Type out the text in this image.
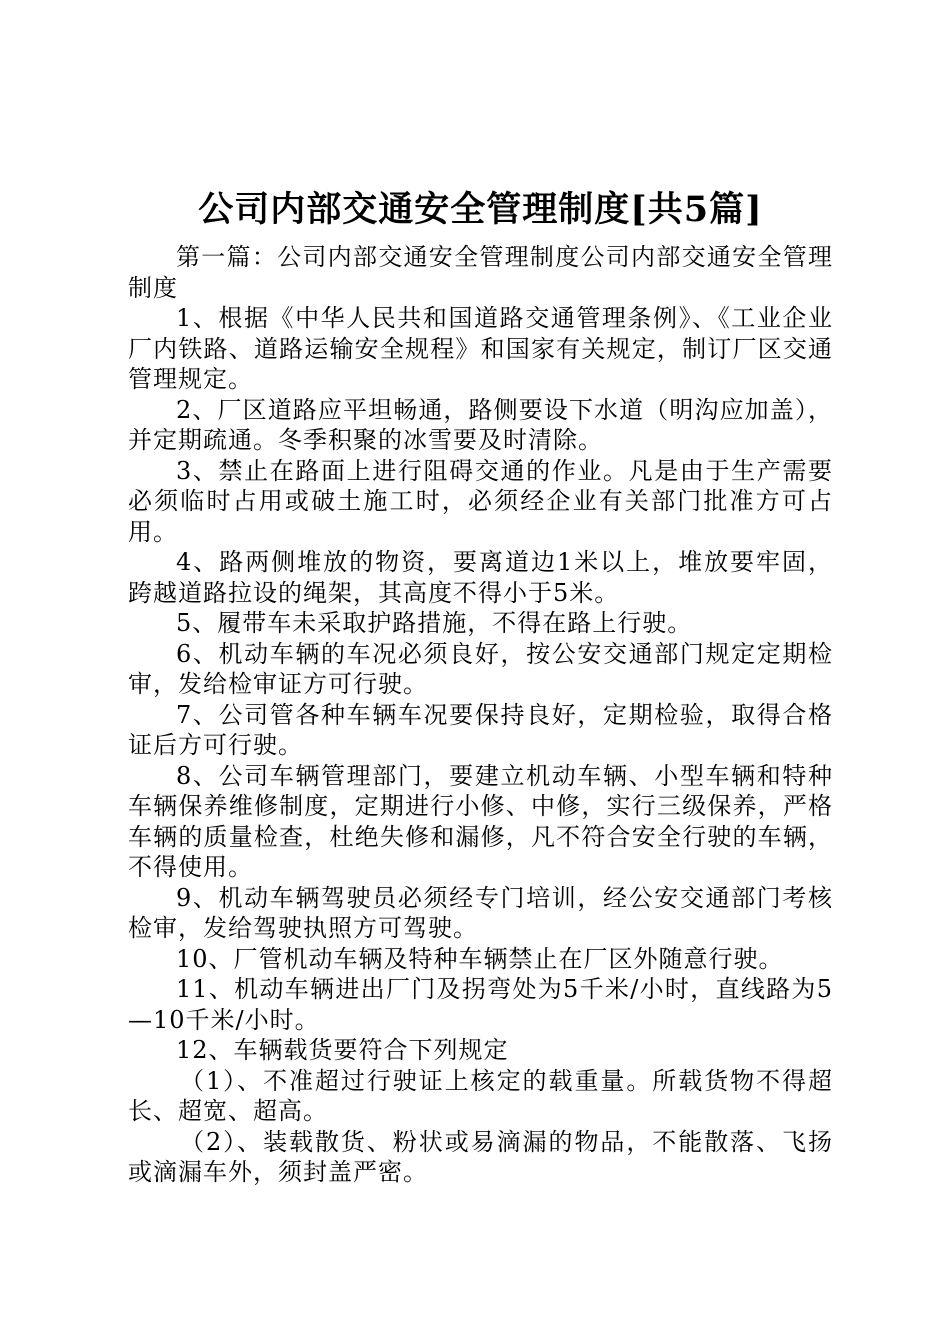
公司内部交通安全管理制度[共5篇]

第一篇：公司内部交通安全管理制度公司内部交通安全管理制度

1、根据《中华人民共和国道路交通管理条例》、《工业企业厂内铁路、道路运输安全规程》和国家有关规定，制订厂区交通管理规定。

2、厂区道路应平坦畅通，路侧要设下水道（明沟应加盖），并定期疏通。冬季积聚的冰雪要及时清除。

3、禁止在路面上进行阻碍交通的作业。凡是由于生产需要必须临时占用或破土施工时，必须经企业有关部门批准方可占用。

4、路两侧堆放的物资，要离道边1米以上，堆放要牢固，跨越道路拉设的绳架，其高度不得小于5米。

5、履带车未采取护路措施，不得在路上行驶。

6、机动车辆的车况必须良好，按公安交通部门规定定期检审，发给检审证方可行驶。

7、公司管各种车辆车况要保持良好，定期检验，取得合格证后方可行驶。

8、公司车辆管理部门，要建立机动车辆、小型车辆和特种车辆保养维修制度，定期进行小修、中修，实行三级保养，严格车辆的质量检查，杜绝失修和漏修，凡不符合安全行驶的车辆，不得使用。

9、机动车辆驾驶员必须经专门培训，经公安交通部门考核检审，发给驾驶执照方可驾驶。

10、厂管机动车辆及特种车辆禁止在厂区外随意行驶。

11、机动车辆进出厂门及拐弯处为5千米/小时，直线路为5—10千米/小时。

12、车辆载货要符合下列规定

（1）、不准超过行驶证上核定的载重量。所载货物不得超长、超宽、超高。

（2）、装载散货、粉状或易滴漏的物品，不能散落、飞扬或滴漏车外，须封盖严密。
